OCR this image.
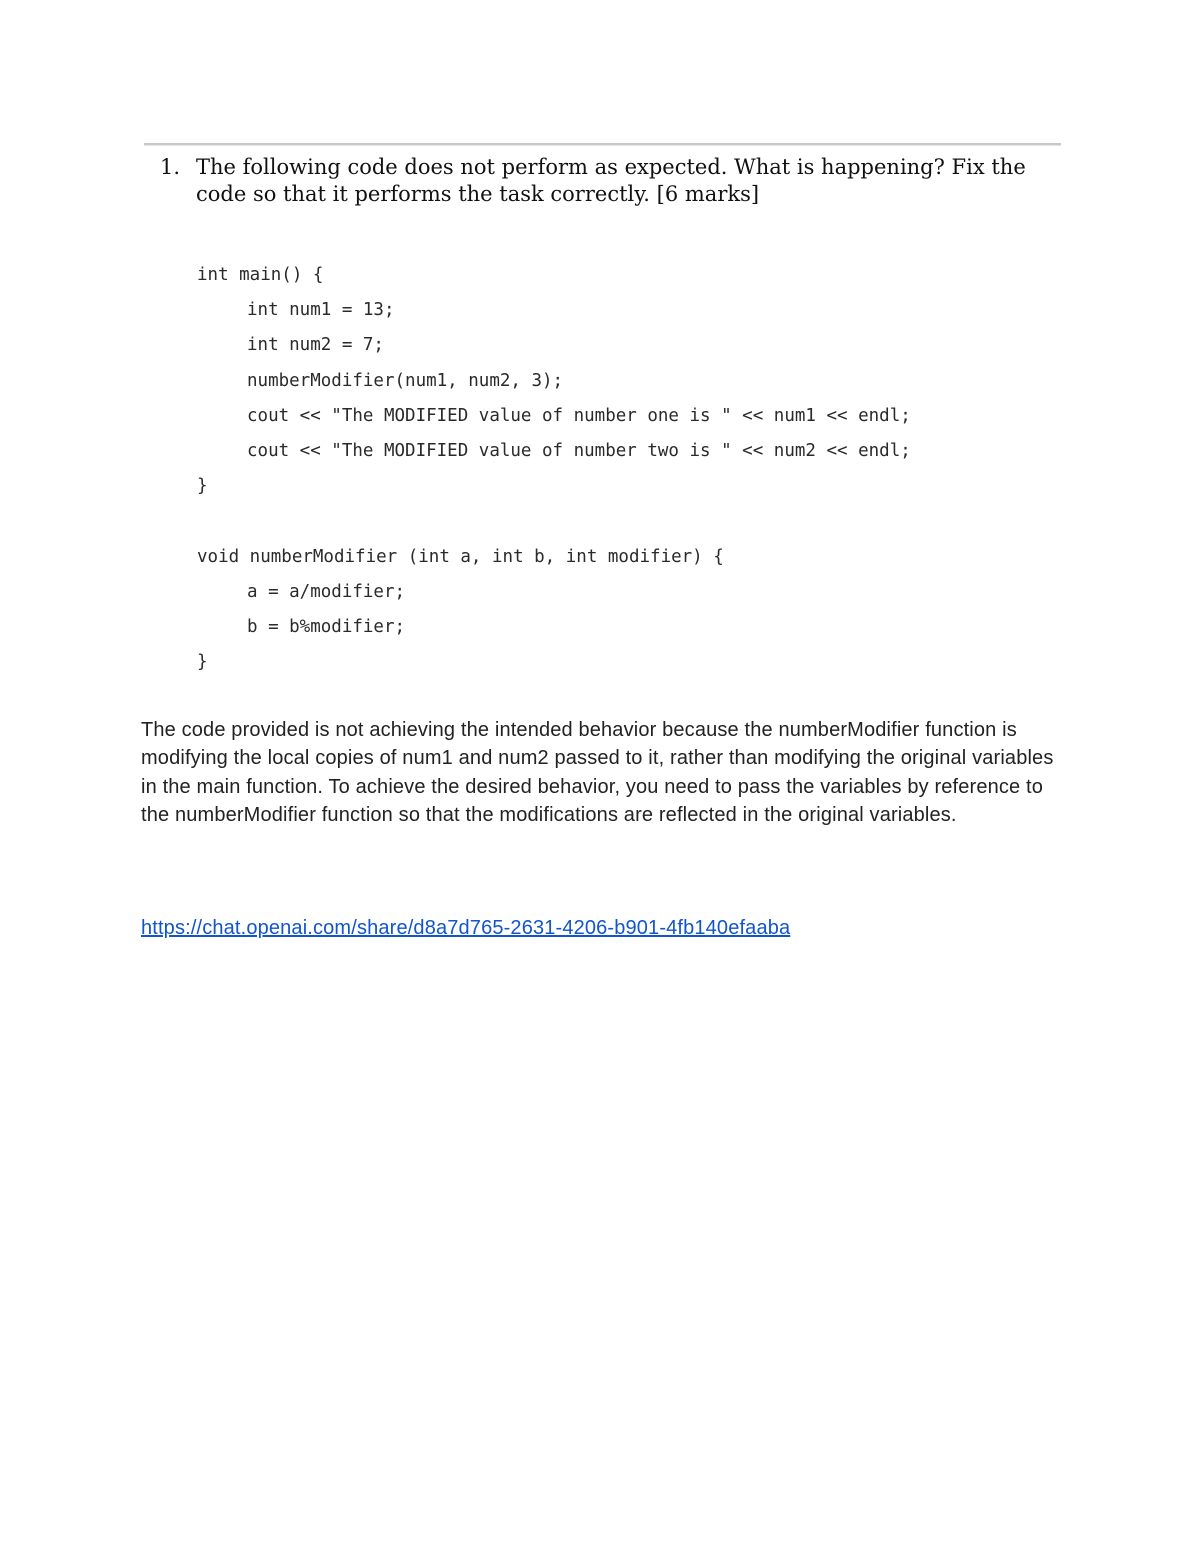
1. The following code does not perform as expected. What is happening? Fix the code so that it performs the task correctly. [6 marks]
int main() {
int num1 = 13;
int num2 = 7;
numberModifier(num1, num2, 3);
cout << "The MODIFIED value of number one is " << num1 << endl;
cout << "The MODIFIED value of number two is " << num2 << endl;
}
void numberModifier (int a, int b, int modifier) {
a = a/modifier;
b = b%modifier;
}
The code provided is not achieving the intended behavior because the numberModifier function is modifying the local copies of num1 and num2 passed to it, rather than modifying the original variables in the main function. To achieve the desired behavior, you need to pass the variables by reference to the numberModifier function so that the modifications are reflected in the original variables.
https://chat.openai.com/share/d8a7d765-2631-4206-b901-4fb140efaaba
